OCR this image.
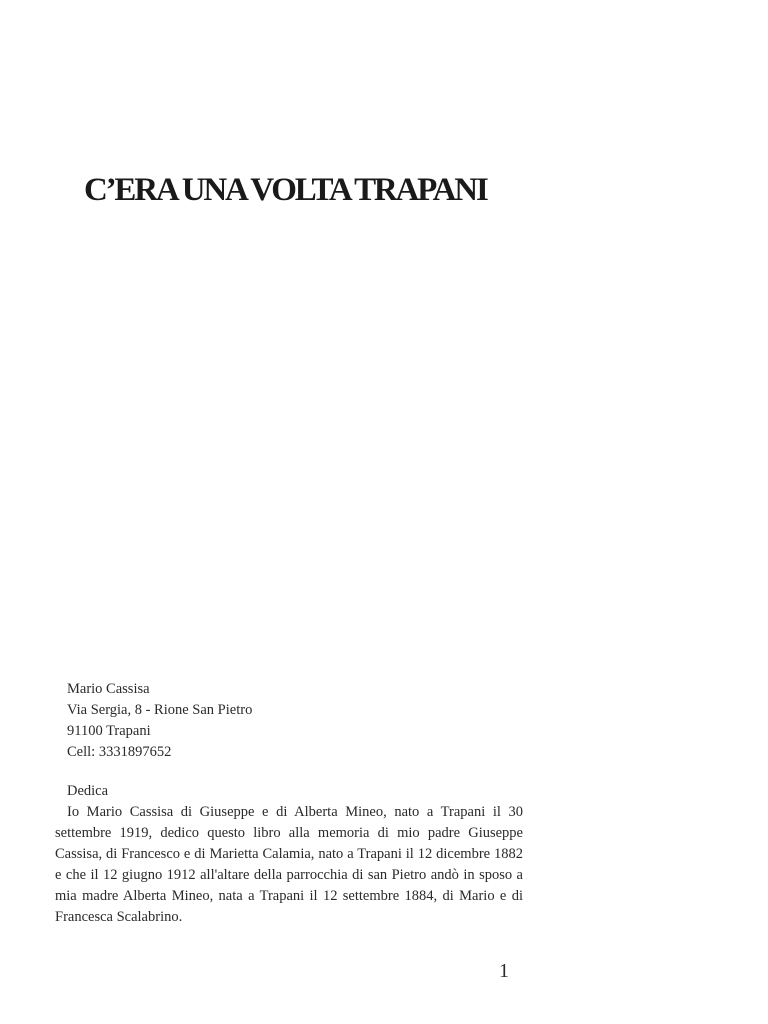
C’ERA UNA VOLTA TRAPANI
Mario Cassisa
Via Sergia, 8 - Rione San Pietro
91100 Trapani
Cell: 3331897652
Dedica

Io Mario Cassisa di Giuseppe e di Alberta Mineo, nato a Trapani il 30 settembre 1919, dedico questo libro alla memoria di mio padre Giuseppe Cassisa, di Francesco e di Marietta Calamia, nato a Trapani il 12 dicembre 1882 e che il 12 giugno 1912 all'altare della parrocchia di san Pietro andò in sposo a mia madre Alberta Mineo, nata a Trapani il 12 settembre 1884, di Mario e di Francesca Scalabrino.

1
